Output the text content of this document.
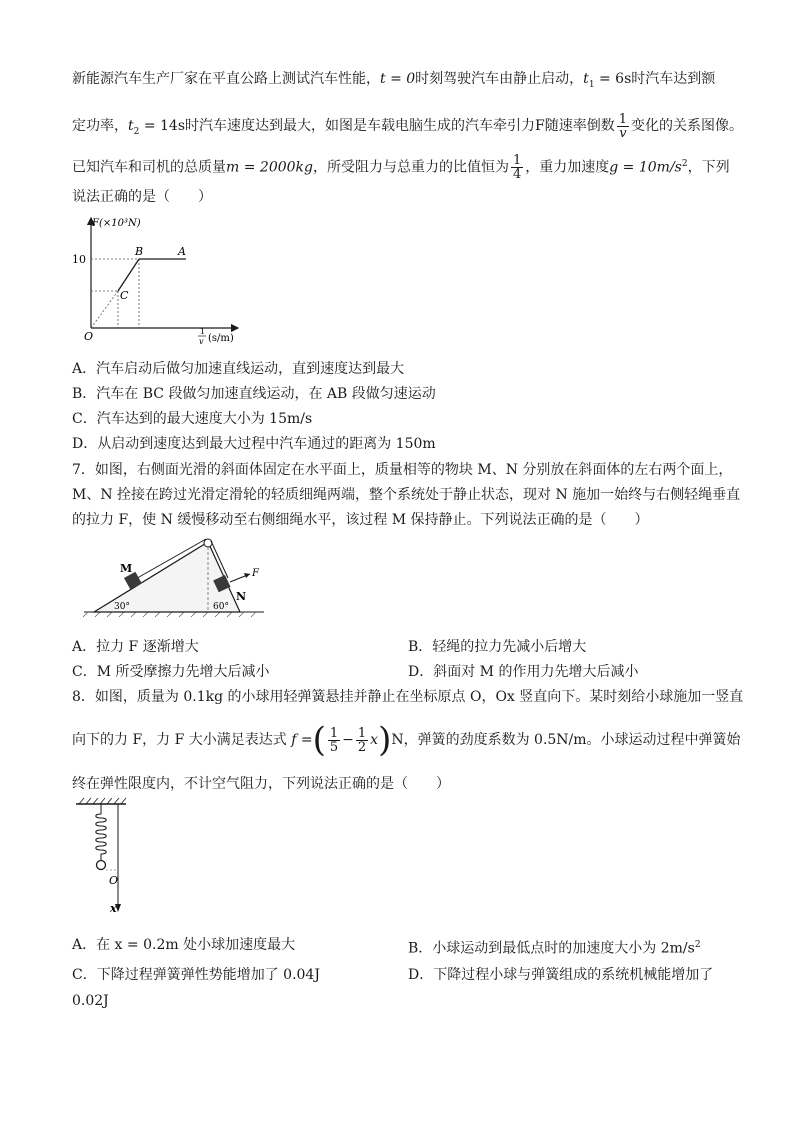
新能源汽车生产厂家在平直公路上测试汽车性能，t = 0时刻驾驶汽车由静止启动，$t_1 = 6s$时汽车达到额
定功率，$t_2 = 14s$时汽车速度达到最大，如图是车载电脑生成的汽车牵引力F随速率倒数 $\frac{1}{v}$ 变化的关系图像。
已知汽车和司机的总质量m = 2000kg，所受阻力与总重力的比值恒为 $\frac{1}{4}$ ，重力加速度$g = 10m/s^2$，下列
说法正确的是（　　）
F(×10³N)
10
O
A
B
C
1
v (s/m)
A．汽车启动后做匀加速直线运动，直到速度达到最大
B．汽车在 BC 段做匀加速直线运动，在 AB 段做匀速运动
C．汽车达到的最大速度大小为 15m/s
D．从启动到速度达到最大过程中汽车通过的距离为 150m
7．如图，右侧面光滑的斜面体固定在水平面上，质量相等的物块 M、N 分别放在斜面体的左右两个面上，
M、N 拴接在跨过光滑定滑轮的轻质细绳两端，整个系统处于静止状态，现对 N 施加一始终与右侧轻绳垂直
的拉力 F，使 N 缓慢移动至右侧细绳水平，该过程 M 保持静止。下列说法正确的是（　　）
M
N
F
30°	60°
A．拉力 F 逐渐增大	B．轻绳的拉力先减小后增大
C．M 所受摩擦力先增大后减小	D．斜面对 M 的作用力先增大后减小
8．如图，质量为 0.1kg 的小球用轻弹簧悬挂并静止在坐标原点 O，Ox 竖直向下。某时刻给小球施加一竖直
向下的力 F，力 F 大小满足表达式 f =( $\frac{1}{5} - \frac{1}{2} x)N$，弹簧的劲度系数为 0.5N/m。小球运动过程中弹簧始
终在弹性限度内，不计空气阻力，下列说法正确的是（　　）
O
x
A．在 x = 0.2m 处小球加速度最大	B．小球运动到最低点时的加速度大小为 $2m/s^2$
C．下降过程弹簧弹性势能增加了 0.04J	D．下降过程小球与弹簧组成的系统机械能增加了
0.02J
